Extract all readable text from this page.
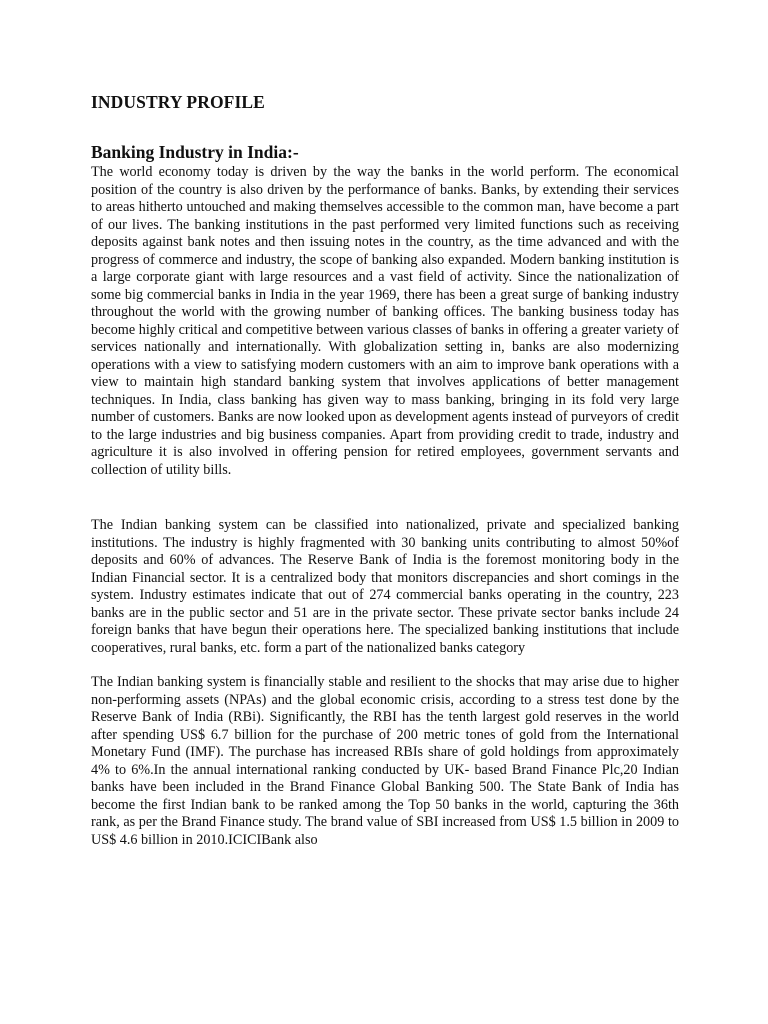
INDUSTRY PROFILE
Banking Industry in India:-

The world economy today is driven by the way the banks in the world perform. The economical position of the country is also driven by the performance of banks. Banks, by extending their services to areas hitherto untouched and making themselves accessible to the common man, have become a part of our lives. The banking institutions in the past performed very limited functions such as receiving deposits against bank notes and then issuing notes in the country, as the time advanced and with the progress of commerce and industry, the scope of banking also expanded. Modern banking institution is a large corporate giant with large resources and a vast field of activity. Since the nationalization of some big commercial banks in India in the year 1969, there has been a great surge of banking industry throughout the world with the growing number of banking offices. The banking business today has become highly critical and competitive between various classes of banks in offering a greater variety of services nationally and internationally. With globalization setting in, banks are also modernizing operations with a view to satisfying modern customers with an aim to improve bank operations with a view to maintain high standard banking system that involves applications of better management techniques. In India, class banking has given way to mass banking, bringing in its fold very large number of customers. Banks are now looked upon as development agents instead of purveyors of credit to the large industries and big business companies. Apart from providing credit to trade, industry and agriculture it is also involved in offering pension for retired employees, government servants and collection of utility bills.

The Indian banking system can be classified into nationalized, private and specialized banking institutions. The industry is highly fragmented with 30 banking units contributing to almost 50%of deposits and 60% of advances. The Reserve Bank of India is the foremost monitoring body in the Indian Financial sector. It is a centralized body that monitors discrepancies and short comings in the system. Industry estimates indicate that out of 274 commercial banks operating in the country, 223 banks are in the public sector and 51 are in the private sector. These private sector banks include 24 foreign banks that have begun their operations here. The specialized banking institutions that include cooperatives, rural banks, etc. form a part of the nationalized banks category

The Indian banking system is financially stable and resilient to the shocks that may arise due to higher non-performing assets (NPAs) and the global economic crisis, according to a stress test done by the Reserve Bank of India (RBi). Significantly, the RBI has the tenth largest gold reserves in the world after spending US$ 6.7 billion for the purchase of 200 metric tones of gold from the International Monetary Fund (IMF). The purchase has increased RBIs share of gold holdings from approximately 4% to 6%.In the annual international ranking conducted by UK- based Brand Finance Plc,20 Indian banks have been included in the Brand Finance Global Banking 500. The State Bank of India has become the first Indian bank to be ranked among the Top 50 banks in the world, capturing the 36th rank, as per the Brand Finance study. The brand value of SBI increased from US$ 1.5 billion in 2009 to US$ 4.6 billion in 2010.ICICIBank also
